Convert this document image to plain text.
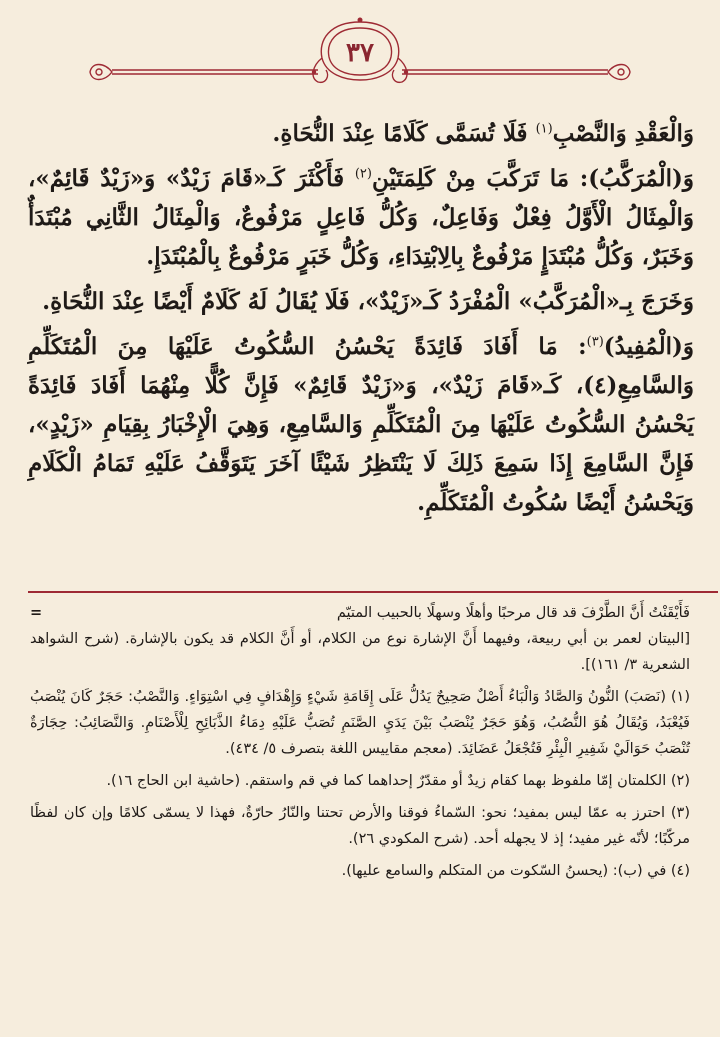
٣٧

وَالْعَقْدِ وَالنَّصْبِ$^{(١)}$ فَلَا تُسَمَّى كَلَامًا عِنْدَ النُّحَاةِ.

وَ(الْمُرَكَّبُ): مَا تَرَكَّبَ مِنْ كَلِمَتَيْنِ$^{(٢)}$ فَأَكْثَرَ كَـ«قَامَ زَيْدٌ» وَ«زَيْدٌ قَائِمٌ»، وَالْمِثَالُ الْأَوَّلُ فِعْلٌ وَفَاعِلٌ، وَكُلُّ فَاعِلٍ مَرْفُوعٌ، وَالْمِثَالُ الثَّانِي مُبْتَدَأٌ وَخَبَرٌ، وَكُلُّ مُبْتَدَإٍ مَرْفُوعٌ بِالِابْتِدَاءِ، وَكُلُّ خَبَرٍ مَرْفُوعٌ بِالْمُبْتَدَإِ.

وَخَرَجَ بِـ«الْمُرَكَّبُ» الْمُفْرَدُ كَـ«زَيْدٌ»، فَلَا يُقَالُ لَهُ كَلَامٌ أَيْضًا عِنْدَ النُّحَاةِ.

وَ(الْمُفِيدُ)$^{(٣)}$: مَا أَفَادَ فَائِدَةً يَحْسُنُ السُّكُوتُ عَلَيْهَا مِنَ الْمُتَكَلِّمِ وَالسَّامِعِ(٤)، كَـ«قَامَ زَيْدٌ»، وَ«زَيْدٌ قَائِمٌ» فَإِنَّ كُلًّا مِنْهُمَا أَفَادَ فَائِدَةً يَحْسُنُ السُّكُوتُ عَلَيْهَا مِنَ الْمُتَكَلِّمِ وَالسَّامِعِ، وَهِيَ الْإِخْبَارُ بِقِيَامِ «زَيْدٍ»، فَإِنَّ السَّامِعَ إِذَا سَمِعَ ذَلِكَ لَا يَنْتَظِرُ شَيْئًا آخَرَ يَتَوَقَّفُ عَلَيْهِ تَمَامُ الْكَلَامِ وَيَحْسُنُ أَيْضًا سُكُوتُ الْمُتَكَلِّمِ.

فَأَيْقَنْتُ أَنَّ الطَّرْفَ قد قال مرحبًا وأهلًا وسهلًا بالحبيب المتيّم
=

[البيتان لعمر بن أبي ربيعة، وفيهما أَنَّ الإشارة نوع من الكلام، أو أَنَّ الكلام قد يكون بالإشارة. (شرح الشواهد الشعرية ٣/ ١٦١)].

(١) (نَصَبَ) النُّونُ وَالصَّادُ وَالْبَاءُ أَصْلٌ صَحِيحٌ يَدُلُّ عَلَى إِقَامَةِ شَيْءٍ وَإِهْدَافٍ فِي اسْتِوَاءٍ. وَالنَّصْبُ: حَجَرٌ كَانَ يُنْصَبُ فَيُعْبَدُ، وَيُقَالُ هُوَ النُّصُبُ، وَهُوَ حَجَرٌ يُنْصَبُ بَيْنَ يَدَيِ الصَّنَمِ تُصَبُّ عَلَيْهِ دِمَاءُ الذَّبَائِحِ لِلْأَصْنَامِ. وَالنَّصَائِبُ: حِجَارَةٌ تُنْصَبُ حَوَالَيْ شَفِيرِ الْبِئْرِ فَتُجْعَلُ عَضَائِدَ. (معجم مقاييس اللغة بتصرف ٥/ ٤٣٤).

(٢) الكلمتان إمّا ملفوظ بهما كقام زيدٌ أو مقدّرٌ إحداهما كما في قم واستقم. (حاشية ابن الحاج ١٦).

(٣) احترز به عمّا ليس بمفيد؛ نحو: السّماءُ فوقنا والأرض تحتنا والنّارُ حارّةٌ، فهذا لا يسمّى كلامًا وإن كان لفظًا مركّبًا؛ لأنّه غير مفيد؛ إذ لا يجهله أحد. (شرح المكودي ٢٦).

(٤) في (ب): (يحسنُ السّكوت من المتكلم والسامع عليها).
